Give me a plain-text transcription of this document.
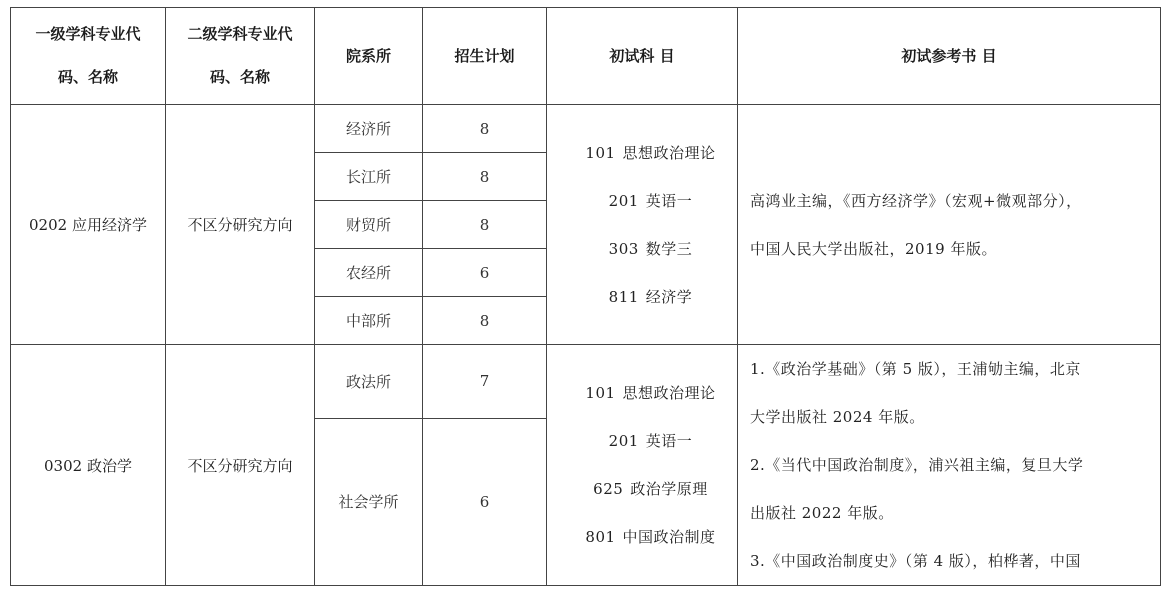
一级学科专业代码、名称	二级学科专业代码、名称	院系所	招生计划	初试科 目	初试参考书 目
0202 应用经济学	不区分研究方向	经济所	8	101 思想政治理论
201 英语一
303 数学三
811 经济学	高鸿业主编，《西方经济学》（宏观+微观部分），
中国人民大学出版社，2019 年版。

		长江所	8		
		财贸所	8		
		农经所	6		
		中部所	8		
0302 政治学	不区分研究方向	政法所	7	101 思想政治理论
201 英语一
625 政治学原理
801 中国政治制度	1.《政治学基础》（第 5 版），王浦劬主编，北京
大学出版社 2024 年版。
2.《当代中国政治制度》，浦兴祖主编，复旦大学
出版社 2022 年版。
3.《中国政治制度史》（第 4 版），柏桦著，中国

		社会学所	6		
